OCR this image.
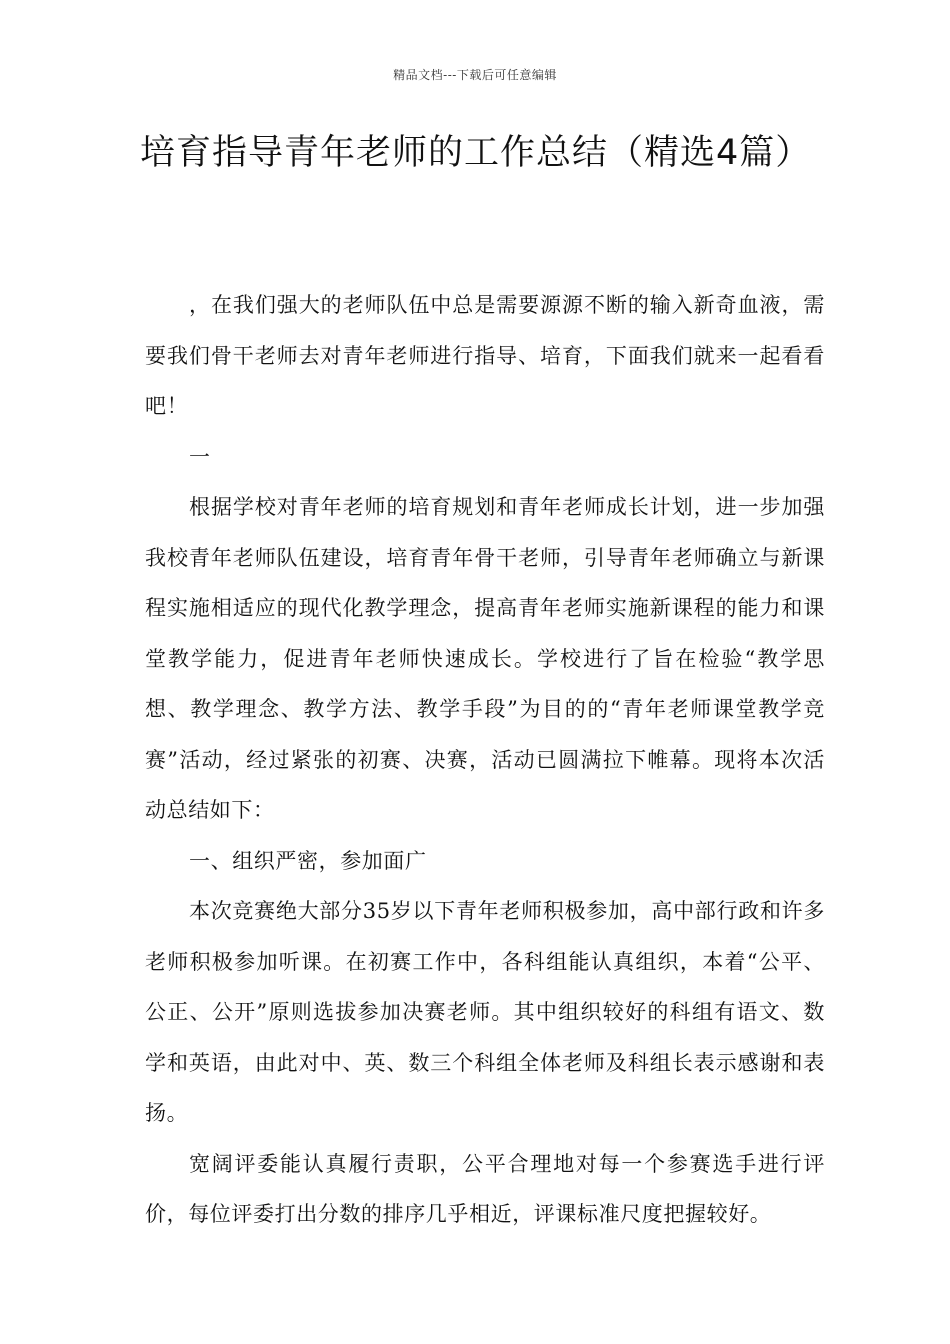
精品文档---下载后可任意编辑
培育指导青年老师的工作总结（精选4篇）

，在我们强大的老师队伍中总是需要源源不断的输入新奇血液，需要我们骨干老师去对青年老师进行指导、培育，下面我们就来一起看看吧！

一

根据学校对青年老师的培育规划和青年老师成长计划，进一步加强我校青年老师队伍建设，培育青年骨干老师，引导青年老师确立与新课程实施相适应的现代化教学理念，提高青年老师实施新课程的能力和课堂教学能力，促进青年老师快速成长。学校进行了旨在检验“教学思想、教学理念、教学方法、教学手段”为目的的“青年老师课堂教学竞赛”活动，经过紧张的初赛、决赛，活动已圆满拉下帷幕。现将本次活动总结如下：

一、组织严密，参加面广

本次竞赛绝大部分35岁以下青年老师积极参加，高中部行政和许多老师积极参加听课。在初赛工作中，各科组能认真组织，本着“公平、公正、公开”原则选拔参加决赛老师。其中组织较好的科组有语文、数学和英语，由此对中、英、数三个科组全体老师及科组长表示感谢和表扬。

宽阔评委能认真履行责职，公平合理地对每一个参赛选手进行评价，每位评委打出分数的排序几乎相近，评课标准尺度把握较好。
